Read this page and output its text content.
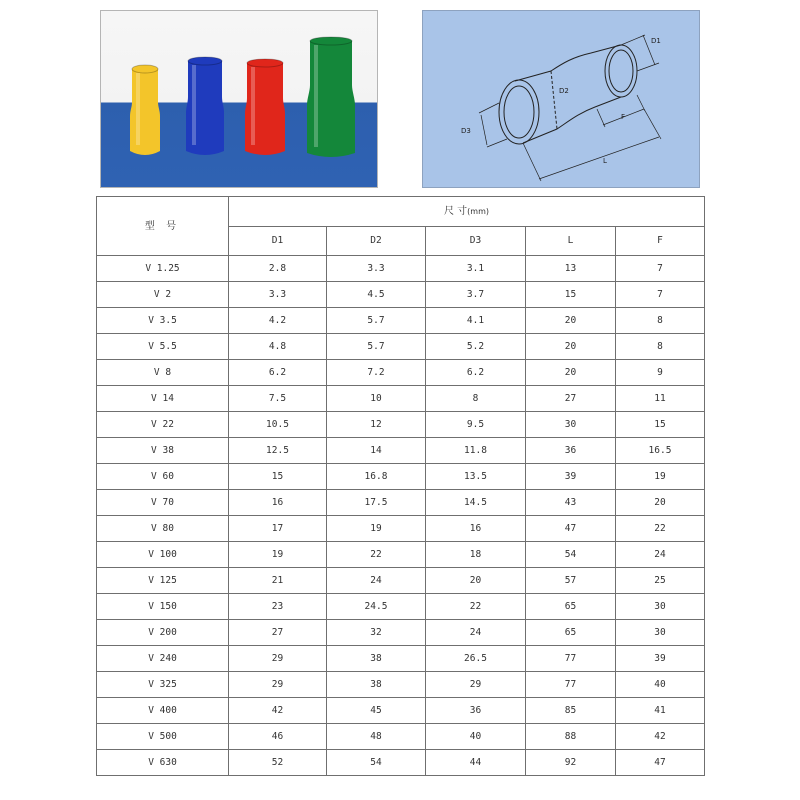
D1
D2
D3
F
L
型 号	尺 寸(mm)				
	D1	D2	D3	L	F
V 1.25	2.8	3.3	3.1	13	7
V 2	3.3	4.5	3.7	15	7
V 3.5	4.2	5.7	4.1	20	8
V 5.5	4.8	5.7	5.2	20	8
V 8	6.2	7.2	6.2	20	9
V 14	7.5	10	8	27	11
V 22	10.5	12	9.5	30	15
V 38	12.5	14	11.8	36	16.5
V 60	15	16.8	13.5	39	19
V 70	16	17.5	14.5	43	20
V 80	17	19	16	47	22
V 100	19	22	18	54	24
V 125	21	24	20	57	25
V 150	23	24.5	22	65	30
V 200	27	32	24	65	30
V 240	29	38	26.5	77	39
V 325	29	38	29	77	40
V 400	42	45	36	85	41
V 500	46	48	40	88	42
V 630	52	54	44	92	47
